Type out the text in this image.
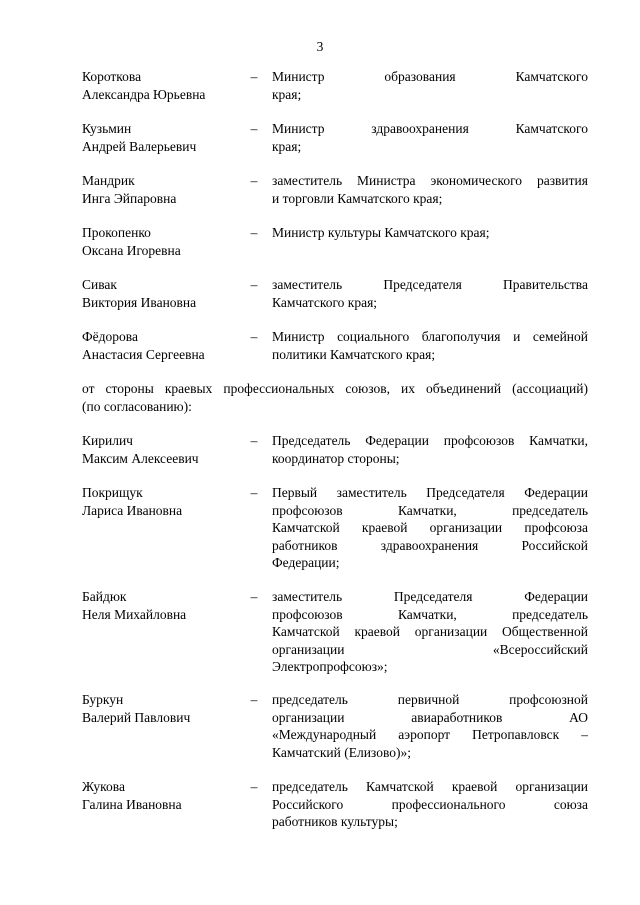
3
Короткова
Александра Юрьевна
– Министр образования Камчатского
края;
Кузьмин
Андрей Валерьевич
– Министр здравоохранения Камчатского
края;
Мандрик
Инга Эйпаровна
– заместитель Министра экономического развития
и торговли Камчатского края;
Прокопенко
Оксана Игоревна
– Министр культуры Камчатского края;
Сивак
Виктория Ивановна
– заместитель Председателя Правительства
Камчатского края;
Фёдорова
Анастасия Сергеевна
– Министр социального благополучия и семейной
политики Камчатского края;
от стороны краевых профессиональных союзов, их объединений (ассоциаций)
(по согласованию):
Кирилич
Максим Алексеевич
– Председатель Федерации профсоюзов Камчатки,
координатор стороны;
Покрищук
Лариса Ивановна
– Первый заместитель Председателя Федерации
профсоюзов Камчатки, председатель
Камчатской краевой организации профсоюза
работников здравоохранения Российской
Федерации;
Байдюк
Неля Михайловна
– заместитель Председателя Федерации
профсоюзов Камчатки, председатель
Камчатской краевой организации Общественной
организации «Всероссийский
Электропрофсоюз»;
Буркун
Валерий Павлович
– председатель первичной профсоюзной
организации авиаработников АО
«Международный аэропорт Петропавловск –
Камчатский (Елизово)»;
Жукова
Галина Ивановна
– председатель Камчатской краевой организации
Российского профессионального союза
работников культуры;
